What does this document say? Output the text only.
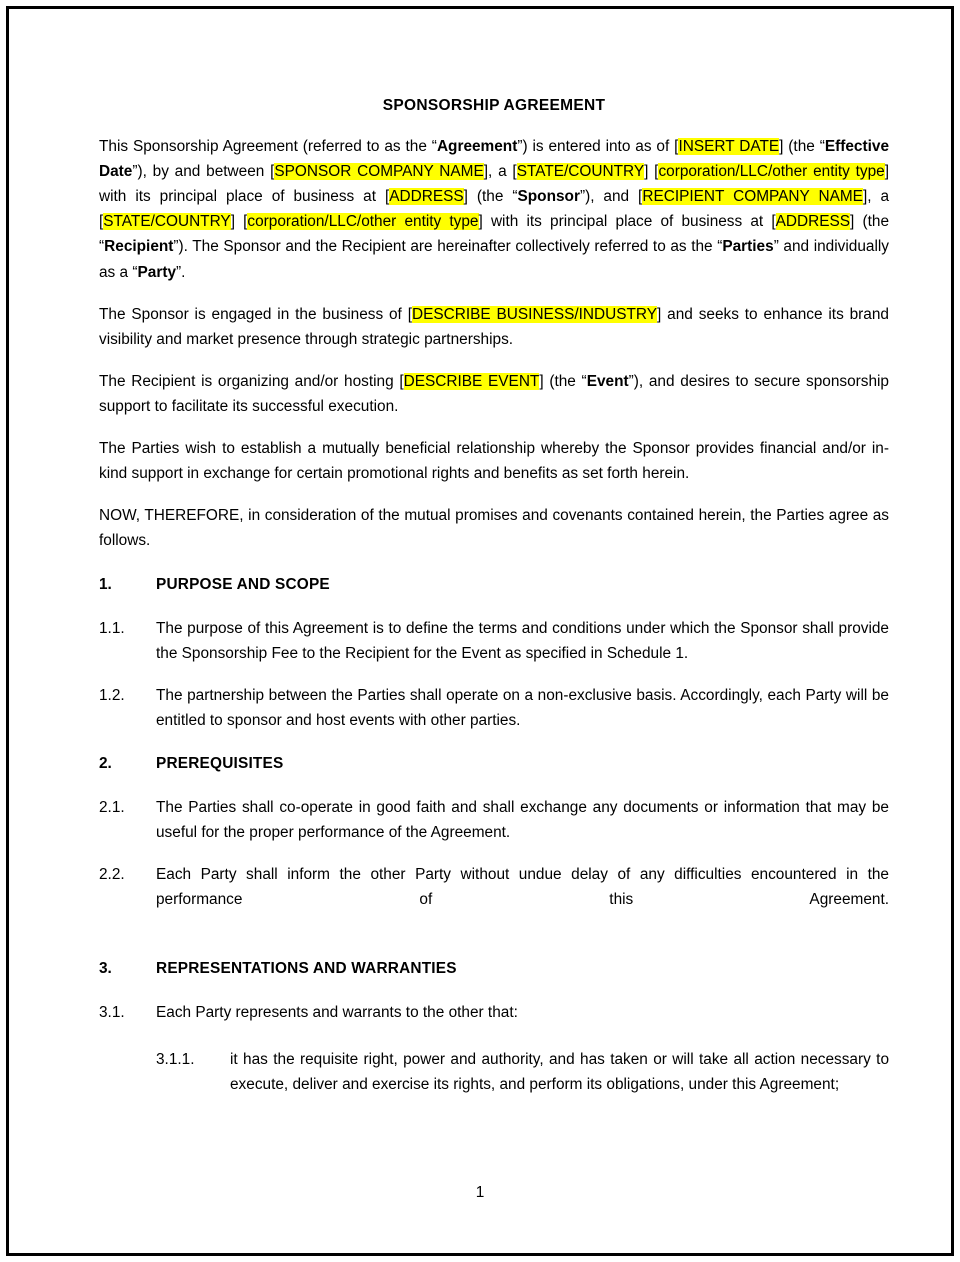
SPONSORSHIP AGREEMENT

This Sponsorship Agreement (referred to as the “Agreement”) is entered into as of [INSERT DATE] (the “Effective Date”), by and between [SPONSOR COMPANY NAME], a [STATE/COUNTRY] [corporation/LLC/other entity type] with its principal place of business at [ADDRESS] (the “Sponsor”), and [RECIPIENT COMPANY NAME], a [STATE/COUNTRY] [corporation/LLC/other entity type] with its principal place of business at [ADDRESS] (the “Recipient”). The Sponsor and the Recipient are hereinafter collectively referred to as the “Parties” and individually as a “Party”.

The Sponsor is engaged in the business of [DESCRIBE BUSINESS/INDUSTRY] and seeks to enhance its brand visibility and market presence through strategic partnerships.

The Recipient is organizing and/or hosting [DESCRIBE EVENT] (the “Event”), and desires to secure sponsorship support to facilitate its successful execution.

The Parties wish to establish a mutually beneficial relationship whereby the Sponsor provides financial and/or in-kind support in exchange for certain promotional rights and benefits as set forth herein.

NOW, THEREFORE, in consideration of the mutual promises and covenants contained herein, the Parties agree as follows.

1.	PURPOSE AND SCOPE
1.1.	The purpose of this Agreement is to define the terms and conditions under which the Sponsor shall provide the Sponsorship Fee to the Recipient for the Event as specified in Schedule 1.
1.2.	The partnership between the Parties shall operate on a non-exclusive basis. Accordingly, each Party will be entitled to sponsor and host events with other parties.
2.	PREREQUISITES
2.1.	The Parties shall co-operate in good faith and shall exchange any documents or information that may be useful for the proper performance of the Agreement.
2.2.	Each Party shall inform the other Party without undue delay of any difficulties encountered in the performance of this Agreement.
3.	REPRESENTATIONS AND WARRANTIES
3.1.	Each Party represents and warrants to the other that:
3.1.1.	it has the requisite right, power and authority, and has taken or will take all action necessary to execute, deliver and exercise its rights, and perform its obligations, under this Agreement;
1
